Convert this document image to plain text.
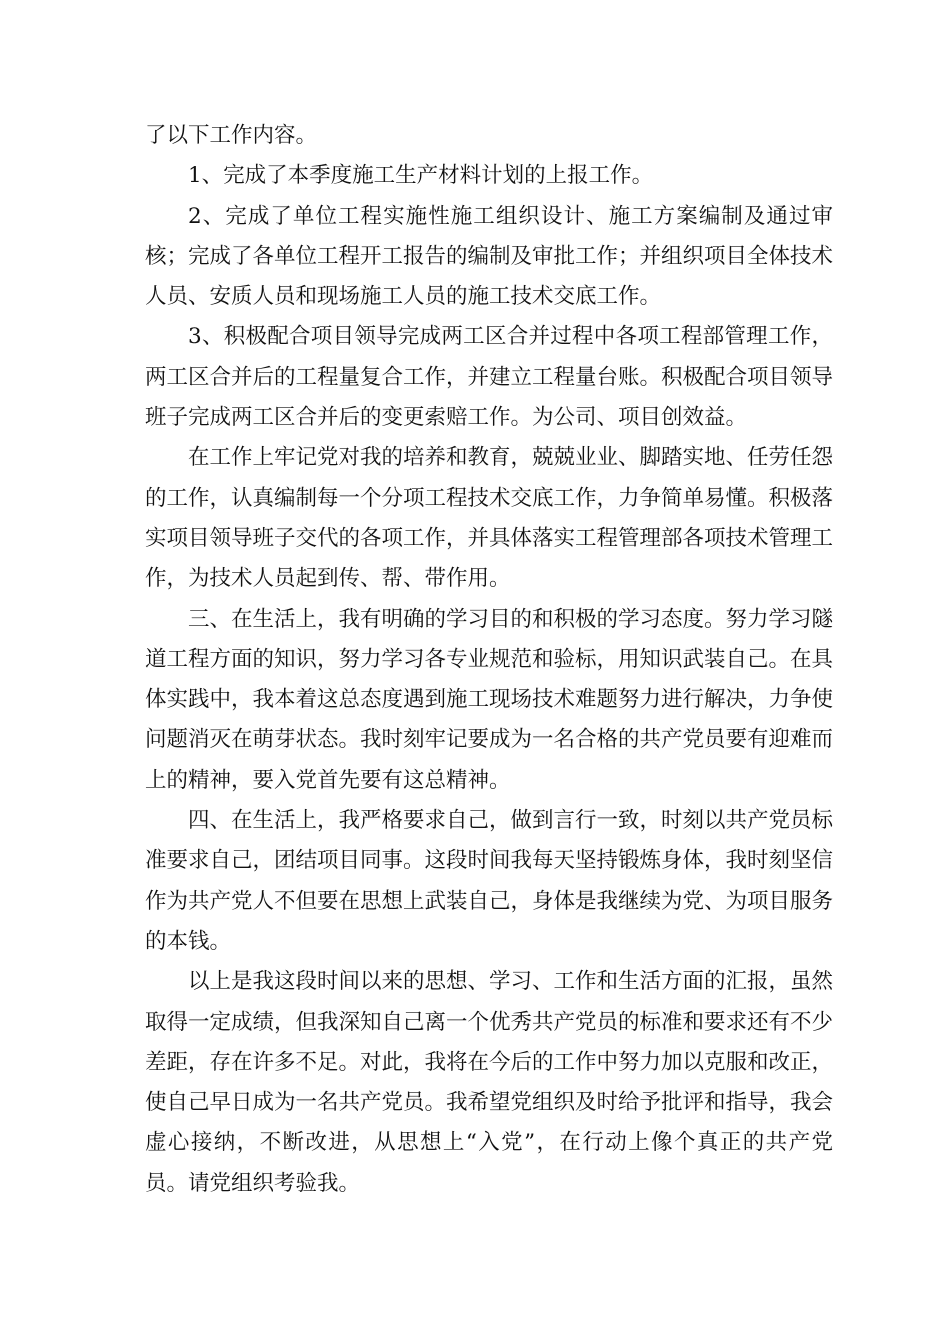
了以下工作内容。

1、完成了本季度施工生产材料计划的上报工作。

2、完成了单位工程实施性施工组织设计、施工方案编制及通过审核；完成了各单位工程开工报告的编制及审批工作；并组织项目全体技术人员、安质人员和现场施工人员的施工技术交底工作。

3、积极配合项目领导完成两工区合并过程中各项工程部管理工作，两工区合并后的工程量复合工作，并建立工程量台账。积极配合项目领导班子完成两工区合并后的变更索赔工作。为公司、项目创效益。

在工作上牢记党对我的培养和教育，兢兢业业、脚踏实地、任劳任怨的工作，认真编制每一个分项工程技术交底工作，力争简单易懂。积极落实项目领导班子交代的各项工作，并具体落实工程管理部各项技术管理工作，为技术人员起到传、帮、带作用。

三、在生活上，我有明确的学习目的和积极的学习态度。努力学习隧道工程方面的知识，努力学习各专业规范和验标，用知识武装自己。在具体实践中，我本着这总态度遇到施工现场技术难题努力进行解决，力争使问题消灭在萌芽状态。我时刻牢记要成为一名合格的共产党员要有迎难而上的精神，要入党首先要有这总精神。

四、在生活上，我严格要求自己，做到言行一致，时刻以共产党员标准要求自己，团结项目同事。这段时间我每天坚持锻炼身体，我时刻坚信作为共产党人不但要在思想上武装自己，身体是我继续为党、为项目服务的本钱。

以上是我这段时间以来的思想、学习、工作和生活方面的汇报，虽然取得一定成绩，但我深知自己离一个优秀共产党员的标准和要求还有不少差距，存在许多不足。对此，我将在今后的工作中努力加以克服和改正，使自己早日成为一名共产党员。我希望党组织及时给予批评和指导，我会虚心接纳，不断改进，从思想上“入党”，在行动上像个真正的共产党员。请党组织考验我。
